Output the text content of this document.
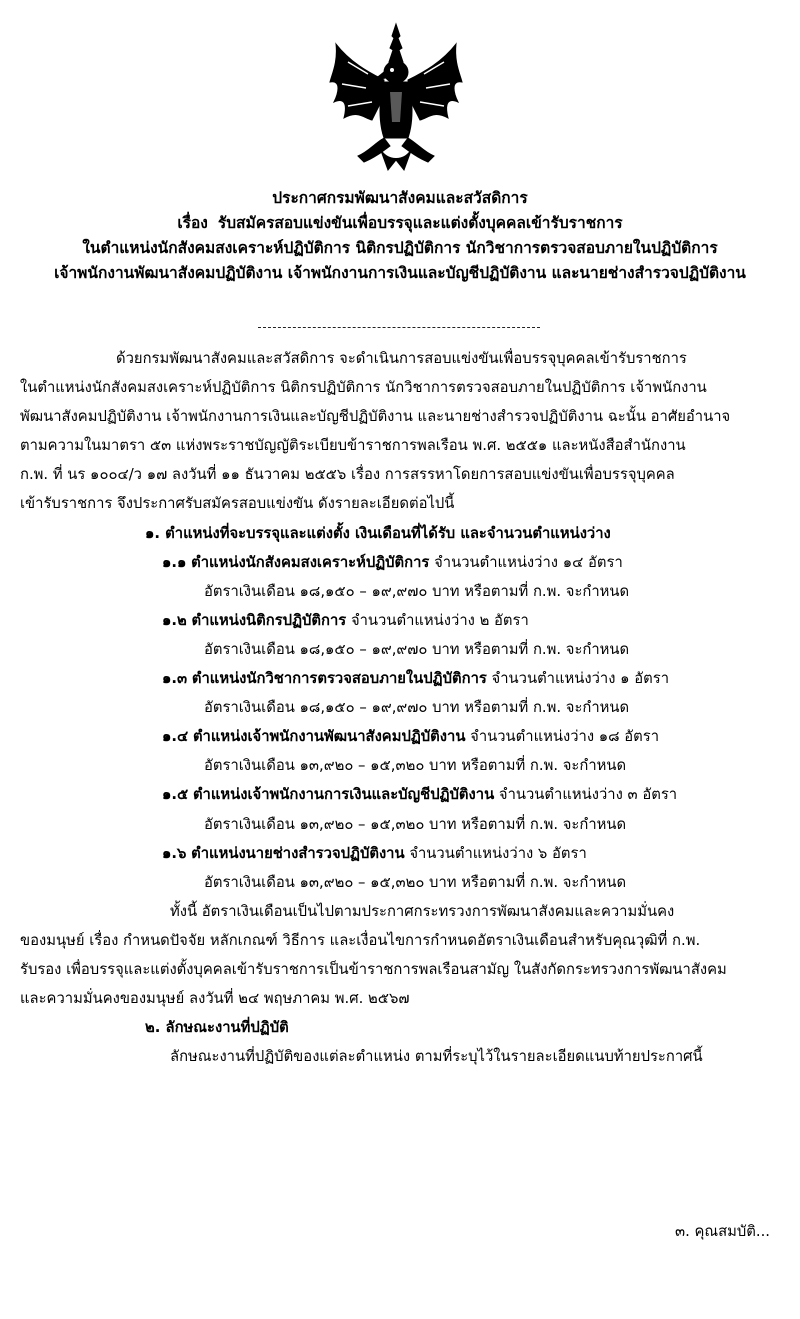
ประกาศกรมพัฒนาสังคมและสวัสดิการ
เรื่อง รับสมัครสอบแข่งขันเพื่อบรรจุและแต่งตั้งบุคคลเข้ารับราชการ
ในตำแหน่งนักสังคมสงเคราะห์ปฏิบัติการ นิติกรปฏิบัติการ นักวิชาการตรวจสอบภายในปฏิบัติการ
เจ้าพนักงานพัฒนาสังคมปฏิบัติงาน เจ้าพนักงานการเงินและบัญชีปฏิบัติงาน และนายช่างสำรวจปฏิบัติงาน
ด้วยกรมพัฒนาสังคมและสวัสดิการ จะดำเนินการสอบแข่งขันเพื่อบรรจุบุคคลเข้ารับราชการ
ในตำแหน่งนักสังคมสงเคราะห์ปฏิบัติการ นิติกรปฏิบัติการ นักวิชาการตรวจสอบภายในปฏิบัติการ เจ้าพนักงาน
พัฒนาสังคมปฏิบัติงาน เจ้าพนักงานการเงินและบัญชีปฏิบัติงาน และนายช่างสำรวจปฏิบัติงาน ฉะนั้น อาศัยอำนาจ
ตามความในมาตรา ๕๓ แห่งพระราชบัญญัติระเบียบข้าราชการพลเรือน พ.ศ. ๒๕๕๑ และหนังสือสำนักงาน
ก.พ. ที่ นร ๑๐๐๔/ว ๑๗ ลงวันที่ ๑๑ ธันวาคม ๒๕๕๖ เรื่อง การสรรหาโดยการสอบแข่งขันเพื่อบรรจุบุคคล
เข้ารับราชการ จึงประกาศรับสมัครสอบแข่งขัน ดังรายละเอียดต่อไปนี้
๑. ตำแหน่งที่จะบรรจุและแต่งตั้ง เงินเดือนที่ได้รับ และจำนวนตำแหน่งว่าง
๑.๑ ตำแหน่งนักสังคมสงเคราะห์ปฏิบัติการ จำนวนตำแหน่งว่าง ๑๔ อัตรา
อัตราเงินเดือน ๑๘,๑๕๐ – ๑๙,๙๗๐ บาท หรือตามที่ ก.พ. จะกำหนด
๑.๒ ตำแหน่งนิติกรปฏิบัติการ จำนวนตำแหน่งว่าง ๒ อัตรา
อัตราเงินเดือน ๑๘,๑๕๐ – ๑๙,๙๗๐ บาท หรือตามที่ ก.พ. จะกำหนด
๑.๓ ตำแหน่งนักวิชาการตรวจสอบภายในปฏิบัติการ จำนวนตำแหน่งว่าง ๑ อัตรา
อัตราเงินเดือน ๑๘,๑๕๐ – ๑๙,๙๗๐ บาท หรือตามที่ ก.พ. จะกำหนด
๑.๔ ตำแหน่งเจ้าพนักงานพัฒนาสังคมปฏิบัติงาน จำนวนตำแหน่งว่าง ๑๘ อัตรา
อัตราเงินเดือน ๑๓,๙๒๐ – ๑๕,๓๒๐ บาท หรือตามที่ ก.พ. จะกำหนด
๑.๕ ตำแหน่งเจ้าพนักงานการเงินและบัญชีปฏิบัติงาน จำนวนตำแหน่งว่าง ๓ อัตรา
อัตราเงินเดือน ๑๓,๙๒๐ – ๑๕,๓๒๐ บาท หรือตามที่ ก.พ. จะกำหนด
๑.๖ ตำแหน่งนายช่างสำรวจปฏิบัติงาน จำนวนตำแหน่งว่าง ๖ อัตรา
อัตราเงินเดือน ๑๓,๙๒๐ – ๑๕,๓๒๐ บาท หรือตามที่ ก.พ. จะกำหนด
ทั้งนี้ อัตราเงินเดือนเป็นไปตามประกาศกระทรวงการพัฒนาสังคมและความมั่นคง
ของมนุษย์ เรื่อง กำหนดปัจจัย หลักเกณฑ์ วิธีการ และเงื่อนไขการกำหนดอัตราเงินเดือนสำหรับคุณวุฒิที่ ก.พ.
รับรอง เพื่อบรรจุและแต่งตั้งบุคคลเข้ารับราชการเป็นข้าราชการพลเรือนสามัญ ในสังกัดกระทรวงการพัฒนาสังคม
และความมั่นคงของมนุษย์ ลงวันที่ ๒๔ พฤษภาคม พ.ศ. ๒๕๖๗
๒. ลักษณะงานที่ปฏิบัติ
ลักษณะงานที่ปฏิบัติของแต่ละตำแหน่ง ตามที่ระบุไว้ในรายละเอียดแนบท้ายประกาศนี้
๓. คุณสมบัติ...
